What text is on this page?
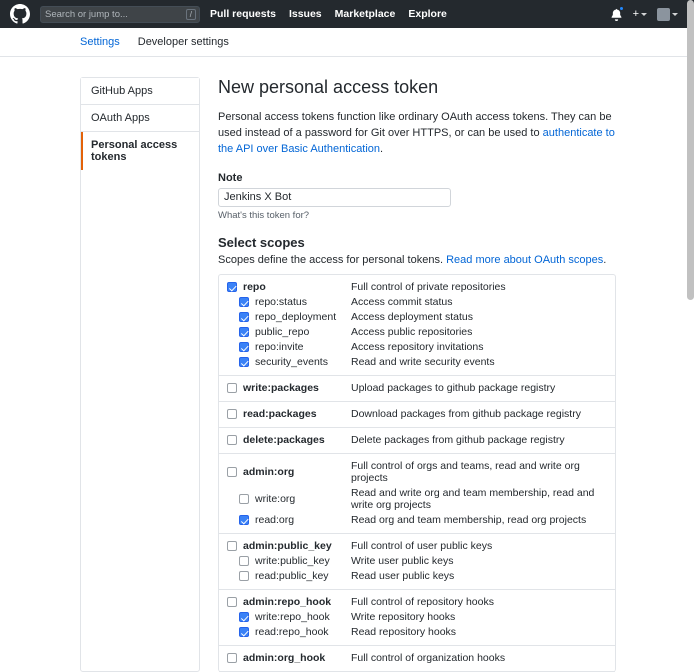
Search or jump to...
/	Pull requests Issues Marketplace Explore	+
Settings Developer settings
GitHub Apps
OAuth Apps
Personal access tokens
New personal access token
Personal access tokens function like ordinary OAuth access tokens. They can be used instead of a password for Git over HTTPS, or can be used to authenticate to the API over Basic Authentication.
Note
Jenkins X Bot
What's this token for?
Select scopes
Scopes define the access for personal tokens. Read more about OAuth scopes.
repo	Full control of private repositories
repo:status	Access commit status
repo_deployment	Access deployment status
public_repo	Access public repositories
repo:invite	Access repository invitations
security_events	Read and write security events
write:packages	Upload packages to github package registry
read:packages	Download packages from github package registry
delete:packages	Delete packages from github package registry
admin:org	Full control of orgs and teams, read and write org projects
write:org	Read and write org and team membership, read and write org projects
read:org	Read org and team membership, read org projects
admin:public_key	Full control of user public keys
write:public_key	Write user public keys
read:public_key	Read user public keys
admin:repo_hook	Full control of repository hooks
write:repo_hook	Write repository hooks
read:repo_hook	Read repository hooks
admin:org_hook	Full control of organization hooks
